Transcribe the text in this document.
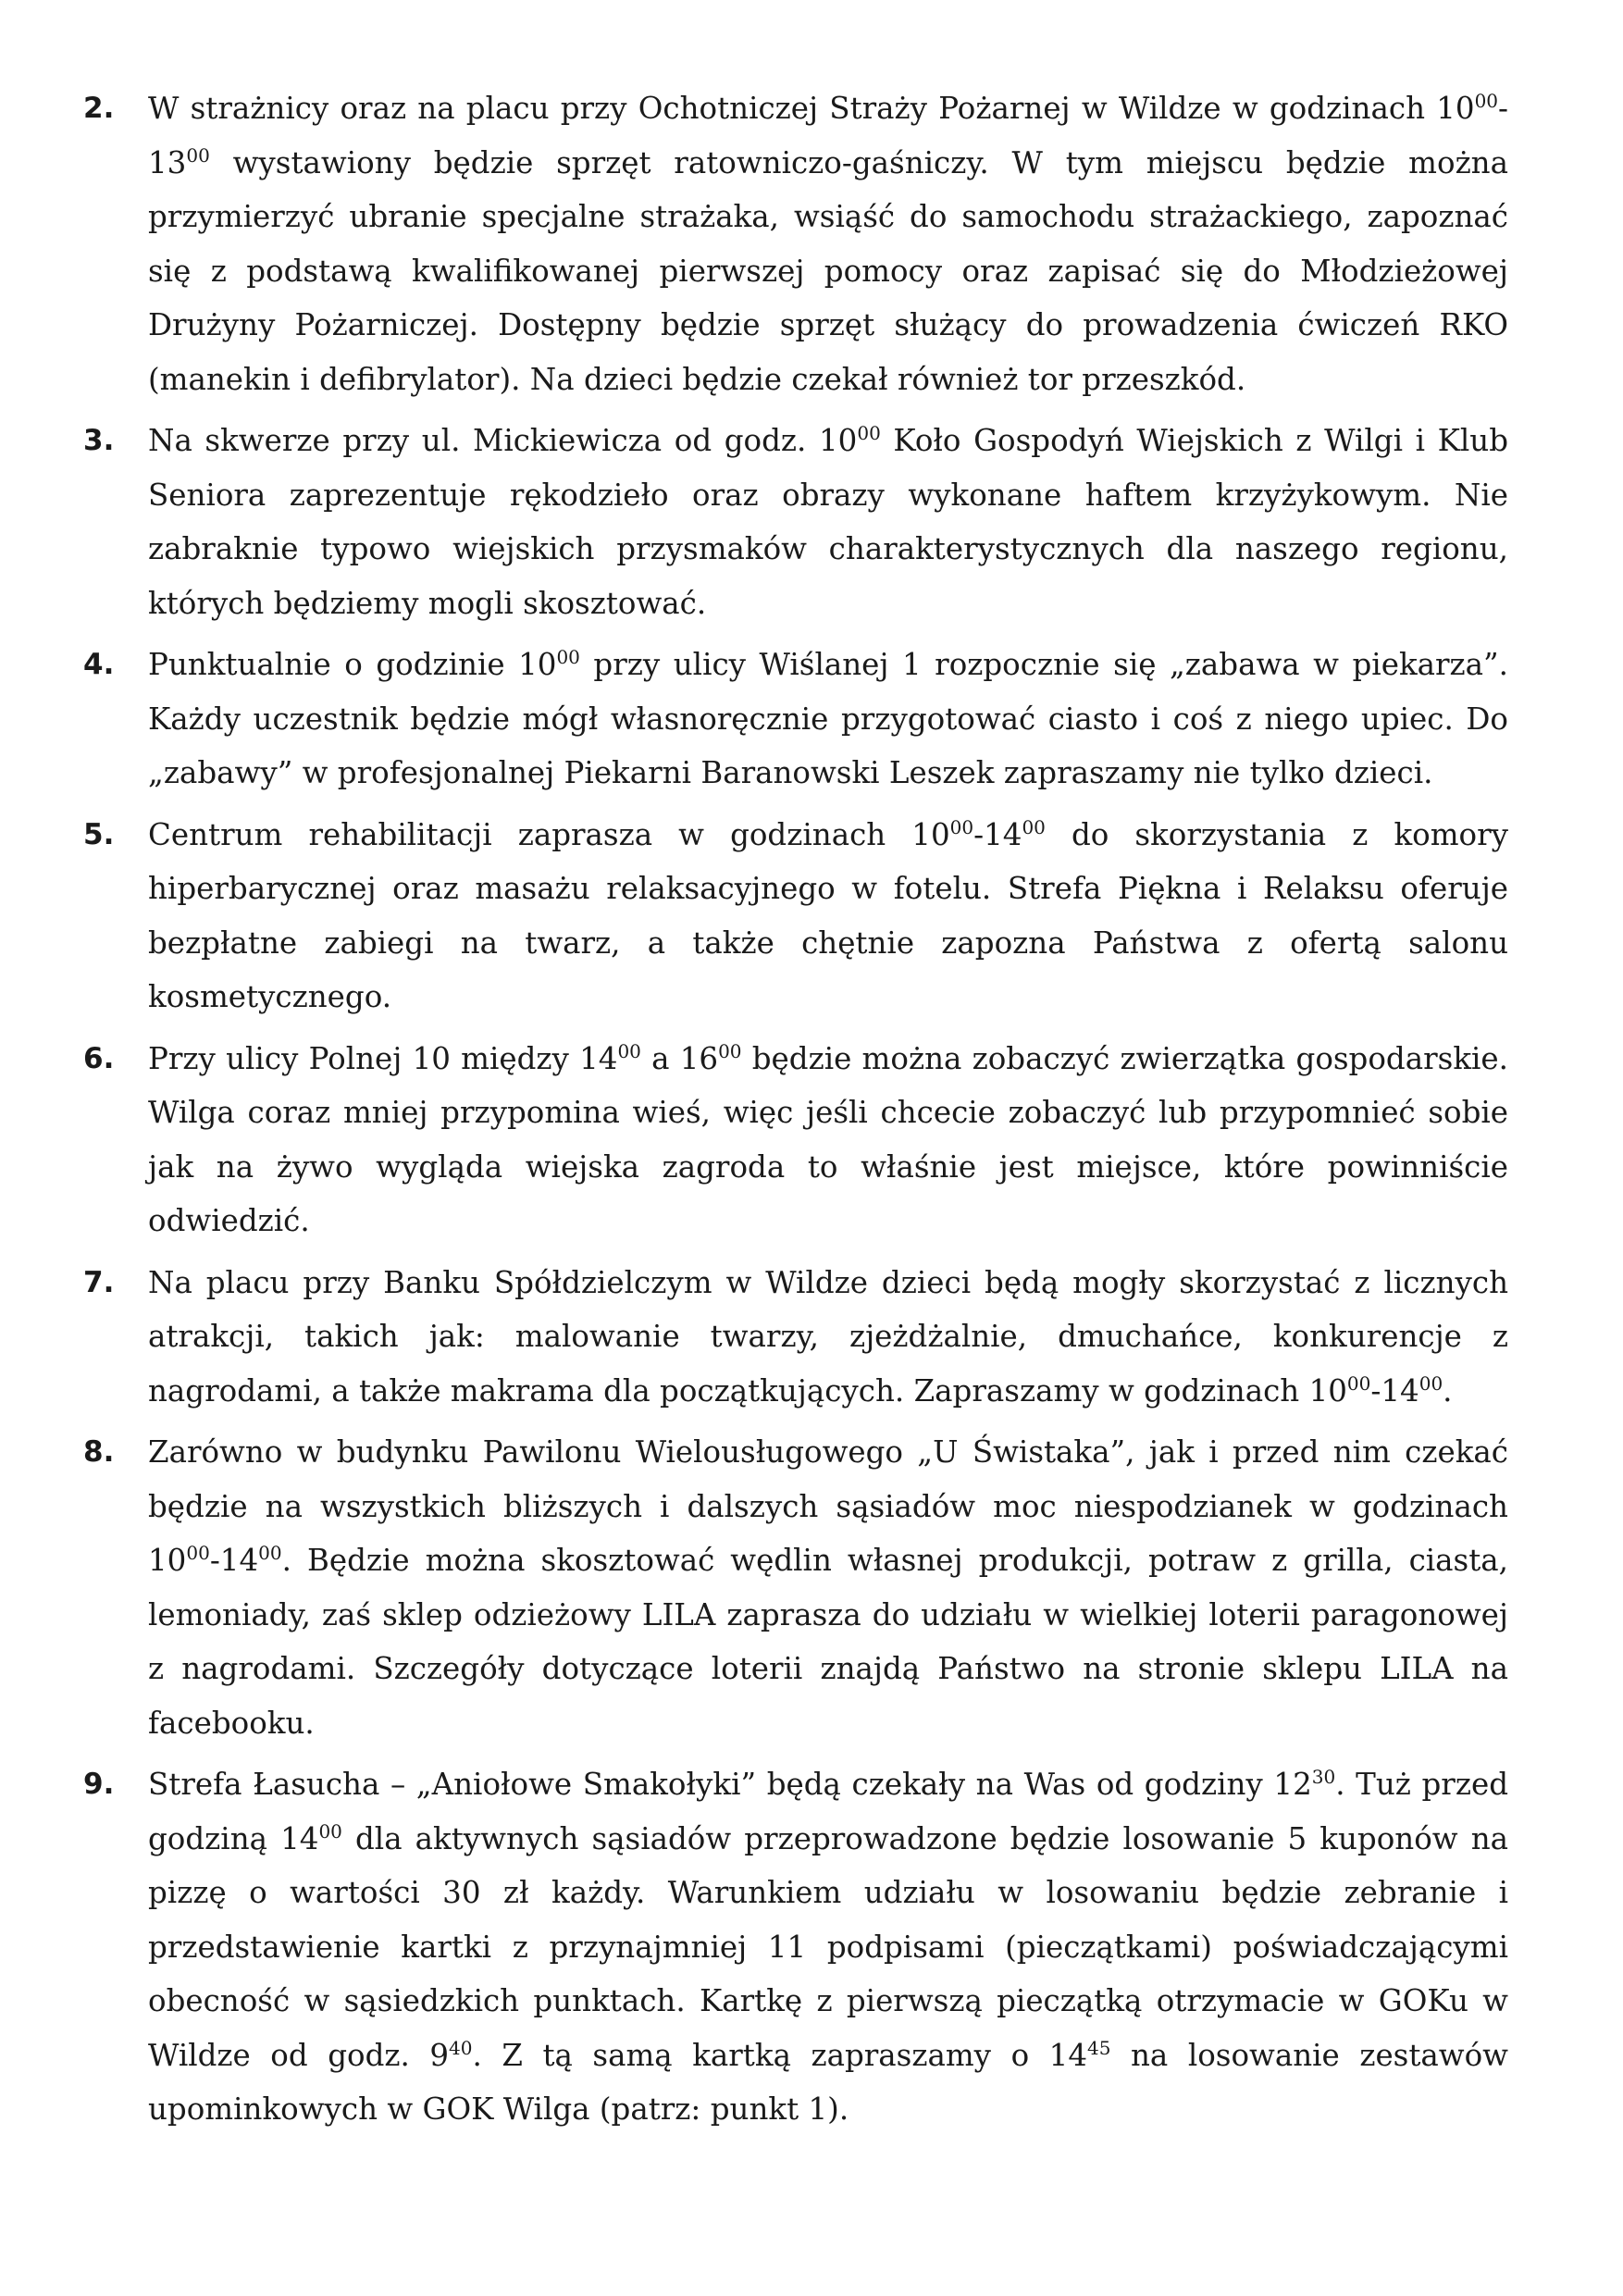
2. W strażnicy oraz na placu przy Ochotniczej Straży Pożarnej w Wildze w godzinach $10^{00}-13^{00}$ wystawiony będzie sprzęt ratowniczo-gaśniczy. W tym miejscu będzie można przymierzyć ubranie specjalne strażaka, wsiąść do samochodu strażackiego, zapoznać się z podstawą kwalifikowanej pierwszej pomocy oraz zapisać się do Młodzieżowej Drużyny Pożarniczej. Dostępny będzie sprzęt służący do prowadzenia ćwiczeń RKO (manekin i defibrylator). Na dzieci będzie czekał również tor przeszkód.
3. Na skwerze przy ul. Mickiewicza od godz. $10^{00}$ Koło Gospodyń Wiejskich z Wilgi i Klub Seniora zaprezentuje rękodzieło oraz obrazy wykonane haftem krzyżykowym. Nie zabraknie typowo wiejskich przysmaków charakterystycznych dla naszego regionu, których będziemy mogli skosztować.
4. Punktualnie o godzinie $10^{00}$ przy ulicy Wiślanej 1 rozpocznie się „zabawa w piekarza”. Każdy uczestnik będzie mógł własnoręcznie przygotować ciasto i coś z niego upiec. Do „zabawy” w profesjonalnej Piekarni Baranowski Leszek zapraszamy nie tylko dzieci.
5. Centrum rehabilitacji zaprasza w godzinach $10^{00}-14^{00}$ do skorzystania z komory hiperbarycznej oraz masażu relaksacyjnego w fotelu. Strefa Piękna i Relaksu oferuje bezpłatne zabiegi na twarz, a także chętnie zapozna Państwa z ofertą salonu kosmetycznego.
6. Przy ulicy Polnej 10 między $14^{00}$ a $16^{00}$ będzie można zobaczyć zwierzątka gospodarskie. Wilga coraz mniej przypomina wieś, więc jeśli chcecie zobaczyć lub przypomnieć sobie jak na żywo wygląda wiejska zagroda to właśnie jest miejsce, które powinniście odwiedzić.
7. Na placu przy Banku Spółdzielczym w Wildze dzieci będą mogły skorzystać z licznych atrakcji, takich jak: malowanie twarzy, zjeżdżalnie, dmuchańce, konkurencje z nagrodami, a także makrama dla początkujących. Zapraszamy w godzinach $10^{00}-14^{00}$.
8. Zarówno w budynku Pawilonu Wielousługowego „U Świstaka”, jak i przed nim czekać będzie na wszystkich bliższych i dalszych sąsiadów moc niespodzianek w godzinach $10^{00}-14^{00}$. Będzie można skosztować wędlin własnej produkcji, potraw z grilla, ciasta, lemoniady, zaś sklep odzieżowy LILA zaprasza do udziału w wielkiej loterii paragonowej z nagrodami. Szczegóły dotyczące loterii znajdą Państwo na stronie sklepu LILA na facebooku.
9. Strefa Łasucha – „Aniołowe Smakołyki” będą czekały na Was od godziny $12^{30}$. Tuż przed godziną $14^{00}$ dla aktywnych sąsiadów przeprowadzone będzie losowanie 5 kuponów na pizzę o wartości 30 zł każdy. Warunkiem udziału w losowaniu będzie zebranie i przedstawienie kartki z przynajmniej 11 podpisami (pieczątkami) poświadczającymi obecność w sąsiedzkich punktach. Kartkę z pierwszą pieczątką otrzymacie w GOKu w Wildze od godz. $9^{40}$. Z tą samą kartką zapraszamy o $14^{45}$ na losowanie zestawów upominkowych w GOK Wilga (patrz: punkt 1).
